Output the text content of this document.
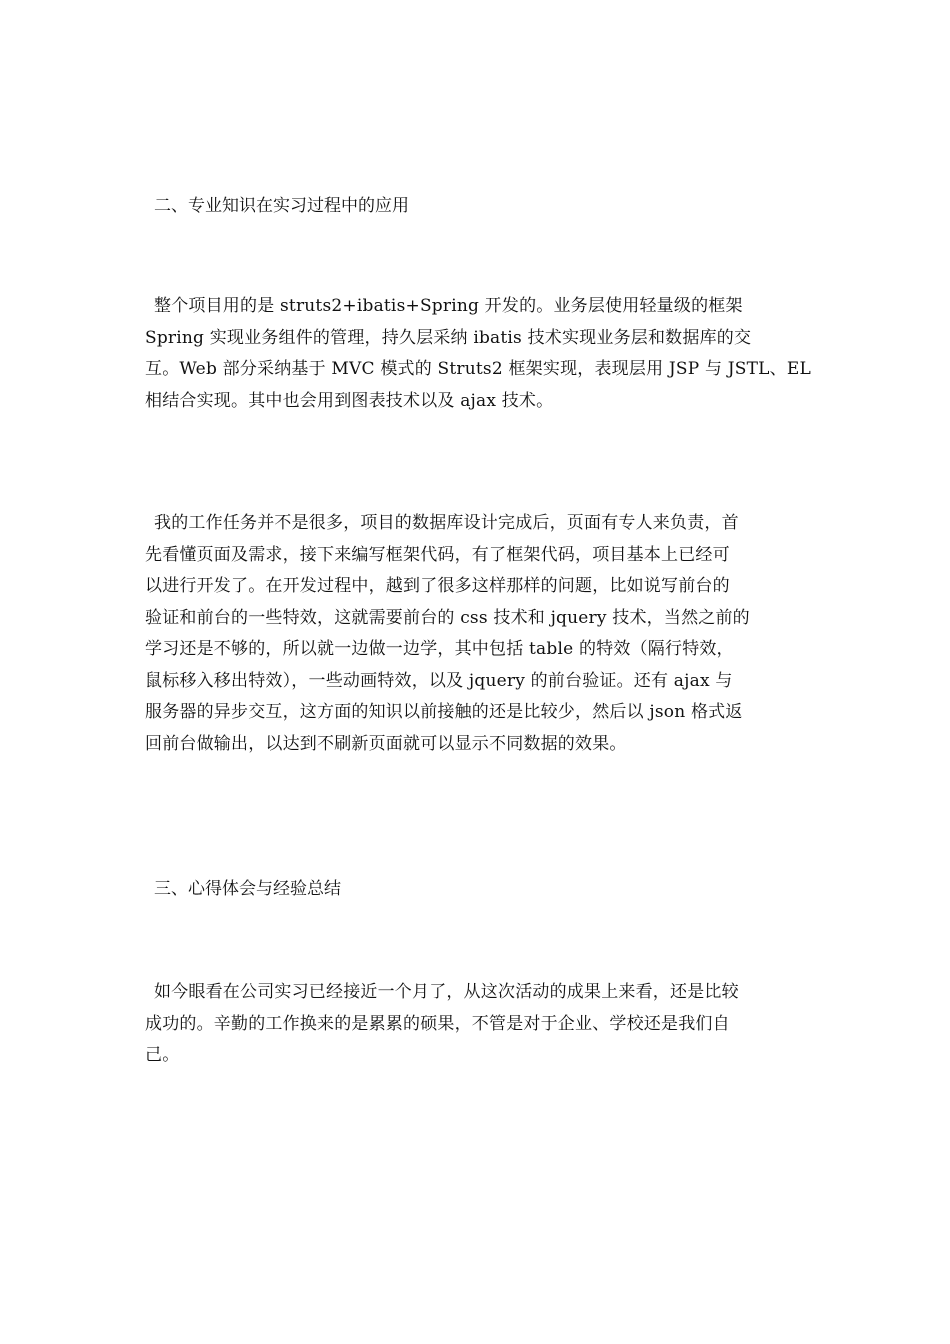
二、专业知识在实习过程中的应用
整个项目用的是 struts2+ibatis+Spring 开发的。业务层使用轻量级的框架
Spring 实现业务组件的管理，持久层采纳 ibatis 技术实现业务层和数据库的交
互。Web 部分采纳基于 MVC 模式的 Struts2 框架实现，表现层用 JSP 与 JSTL、EL
相结合实现。其中也会用到图表技术以及 ajax 技术。
我的工作任务并不是很多，项目的数据库设计完成后，页面有专人来负责，首
先看懂页面及需求，接下来编写框架代码，有了框架代码，项目基本上已经可
以进行开发了。在开发过程中，越到了很多这样那样的问题，比如说写前台的
验证和前台的一些特效，这就需要前台的 css 技术和 jquery 技术，当然之前的
学习还是不够的，所以就一边做一边学，其中包括 table 的特效（隔行特效，
鼠标移入移出特效），一些动画特效，以及 jquery 的前台验证。还有 ajax 与
服务器的异步交互，这方面的知识以前接触的还是比较少，然后以 json 格式返
回前台做输出，以达到不刷新页面就可以显示不同数据的效果。
三、心得体会与经验总结
如今眼看在公司实习已经接近一个月了，从这次活动的成果上来看，还是比较
成功的。辛勤的工作换来的是累累的硕果，不管是对于企业、学校还是我们自
己。
